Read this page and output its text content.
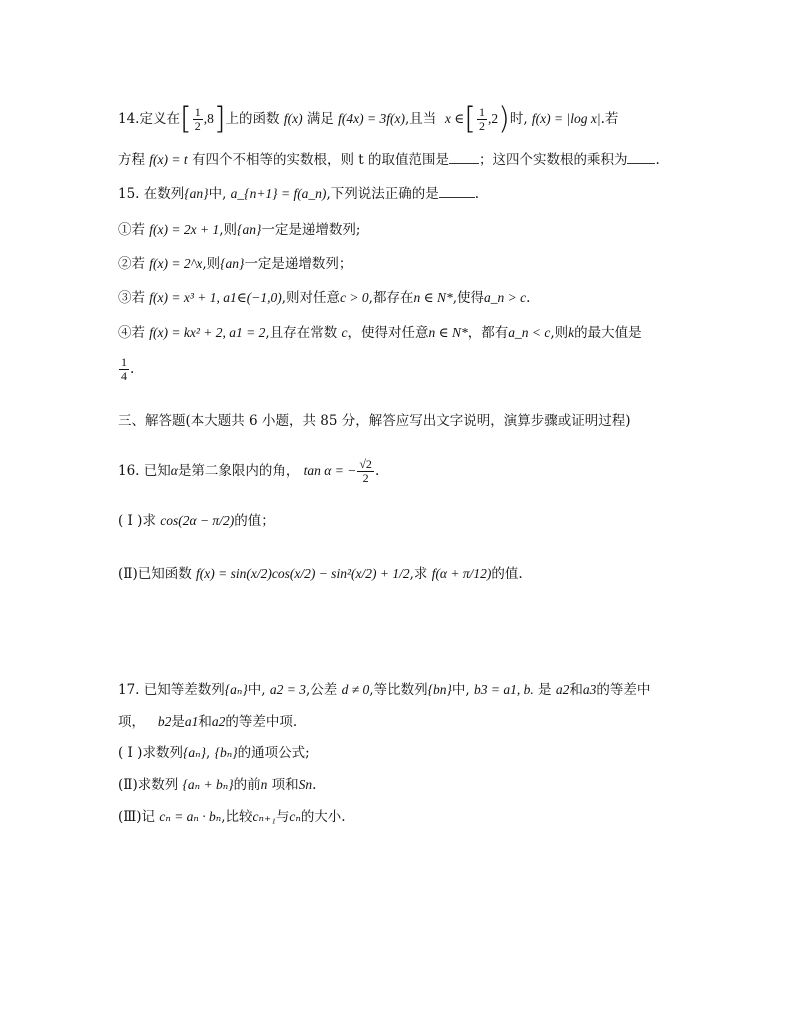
14.定义在[ $\frac{1}{2} ,8$]上的函数 f(x) 满足 f(4x) = 3f(x),且当 x ∈[ $\frac{1}{2} ,2$)时, f(x) = |log x|.若
方程 f(x) = t 有四个不相等的实数根，则 t 的取值范围是 ；这四个实数根的乘积为 .
15. 在数列{an}中, a_{n+1} = f(a_n),下列说法正确的是	.
①若 f(x) = 2x + 1,则{an}一定是递增数列;
②若 f(x) = 2^x,则{an}一定是递增数列；
③若 f(x) = x³ + 1, a1∈(−1,0),则对任意c > 0,都存在n ∈ N*,使得a_n > c.
④若 f(x) = kx² + 2, a1 = 2,且存在常数 c，使得对任意n ∈ N*，都有a_n < c,则k的最大值是
$\frac{1}{4}$ .
三、解答题(本大题共 6 小题，共 85 分，解答应写出文字说明，演算步骤或证明过程)
16. 已知α是第二象限内的角， tan α = − $\frac{√2}{2}$ .
( I )求 cos(2α − π/2)的值；
(Ⅱ)已知函数 f(x) = sin(x/2)cos(x/2) − sin²(x/2) + 1/2,求 f(α + π/12)的值.
17. 已知等差数列{aₙ}中, a2 = 3,公差 d ≠ 0,等比数列{bn}中, b3 = a1, b. 是 a2和a3的等差中
项， b2是a1和a2的等差中项.
( I )求数列{aₙ}, {bₙ}的通项公式;
(Ⅱ)求数列 {aₙ + bₙ}的前n 项和Sn.
(Ⅲ)记 cₙ = aₙ · bₙ,比较cₙ₊₁与cₙ的大小.
